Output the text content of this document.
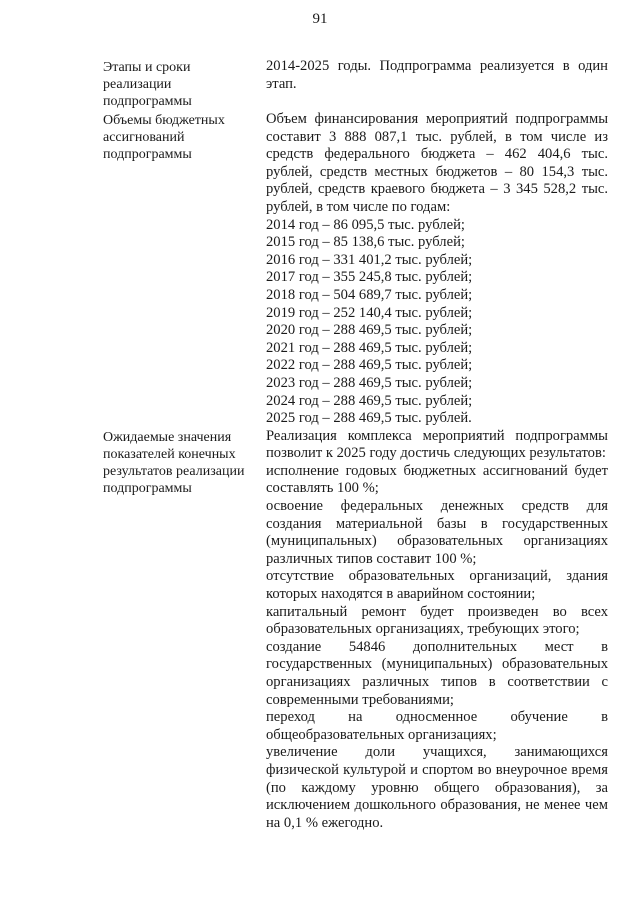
91
Этапы и сроки реализации подпрограммы
2014-2025 годы. Подпрограмма реализуется в один этап.
Объемы бюджетных ассигнований подпрограммы
Объем финансирования мероприятий подпрограммы составит 3 888 087,1 тыс. рублей, в том числе из средств федерального бюджета – 462 404,6 тыс. рублей, средств местных бюджетов – 80 154,3 тыс. рублей, средств краевого бюджета – 3 345 528,2 тыс. рублей, в том числе по годам:
2014 год – 86 095,5 тыс. рублей;
2015 год – 85 138,6 тыс. рублей;
2016 год – 331 401,2 тыс. рублей;
2017 год – 355 245,8 тыс. рублей;
2018 год – 504 689,7 тыс. рублей;
2019 год – 252 140,4 тыс. рублей;
2020 год – 288 469,5 тыс. рублей;
2021 год – 288 469,5 тыс. рублей;
2022 год – 288 469,5 тыс. рублей;
2023 год – 288 469,5 тыс. рублей;
2024 год – 288 469,5 тыс. рублей;
2025 год – 288 469,5 тыс. рублей.
Ожидаемые значения показателей конечных результатов реализации подпрограммы
Реализация комплекса мероприятий подпрограммы позволит к 2025 году достичь следующих результатов:
исполнение годовых бюджетных ассигнований будет составлять 100 %;
освоение федеральных денежных средств для создания материальной базы в государственных (муниципальных) образовательных организациях различных типов составит 100 %;
отсутствие образовательных организаций, здания которых находятся в аварийном состоянии;
капитальный ремонт будет произведен во всех образовательных организациях, требующих этого;
создание 54846 дополнительных мест в государственных (муниципальных) образовательных организациях различных типов в соответствии с современными требованиями;
переход на односменное обучение в общеобразовательных организациях;
увеличение доли учащихся, занимающихся физической культурой и спортом во внеурочное время (по каждому уровню общего образования), за исключением дошкольного образования, не менее чем на 0,1 % ежегодно.
